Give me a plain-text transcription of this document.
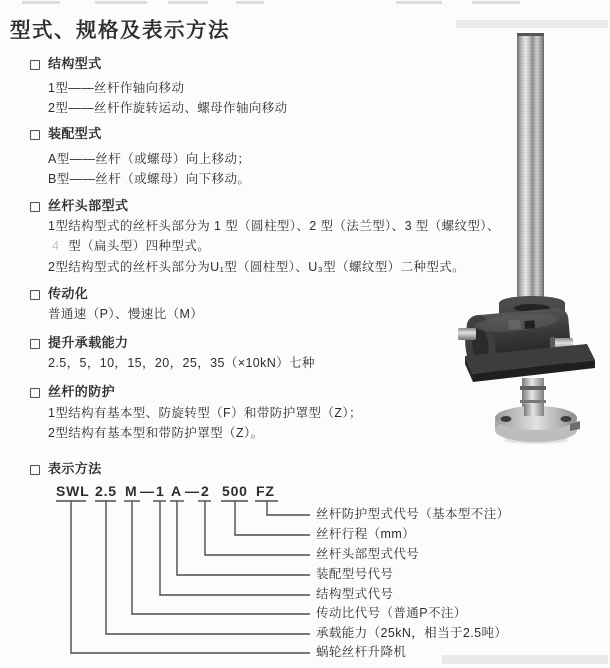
型式、规格及表示方法
结构型式
1型——丝杆作轴向移动
2型——丝杆作旋转运动、螺母作轴向移动
装配型式
A型——丝杆（或螺母）向上移动；
B型——丝杆（或螺母）向下移动。
丝杆头部型式
1型结构型式的丝杆头部分为 1 型（圆柱型）、2 型（法兰型）、3 型（螺纹型）、
4 型（扁头型）四种型式。
2型结构型式的丝杆头部分为U₁型（圆柱型）、U₃型（螺纹型）二种型式。
传动化
普通速（P）、慢速比（M）
提升承载能力
2.5，5，10，15，20，25，35（×10kN）七种
丝杆的防护
1型结构有基本型、防旋转型（F）和带防护罩型（Z）；
2型结构有基本型和带防护罩型（Z）。
表示方法
SWL 2.5 M — 1 A — 2 500 FZ
丝杆防护型式代号（基本型不注）
丝杆行程（mm）
丝杆头部型式代号
装配型号代号
结构型式代号
传动比代号（普通P不注）
承载能力（25kN，相当于2.5吨）
蜗轮丝杆升降机
